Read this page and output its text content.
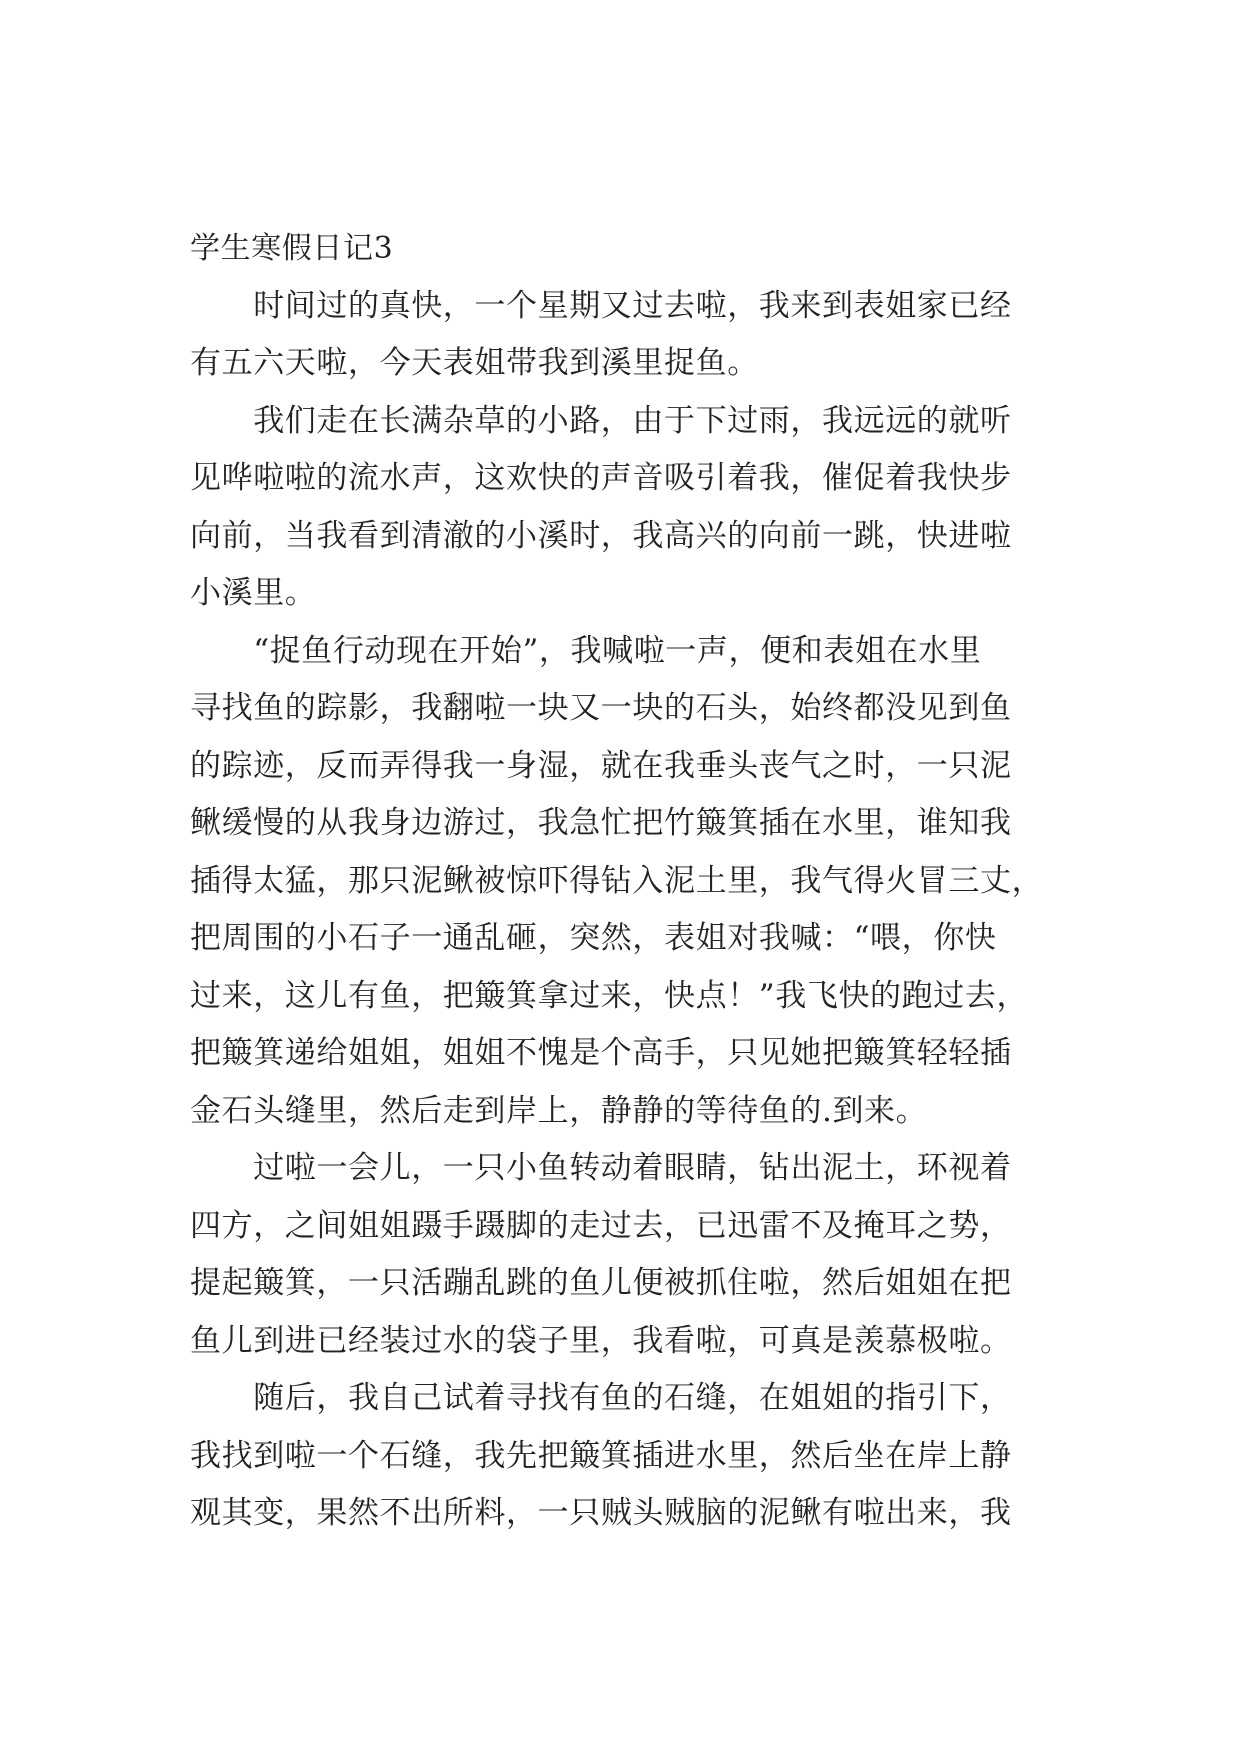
学生寒假日记3

　　时间过的真快，一个星期又过去啦，我来到表姐家已经

有五六天啦，今天表姐带我到溪里捉鱼。

　　我们走在长满杂草的小路，由于下过雨，我远远的就听

见哗啦啦的流水声，这欢快的声音吸引着我，催促着我快步

向前，当我看到清澈的小溪时，我高兴的向前一跳，快进啦

小溪里。

　　“捉鱼行动现在开始”，我喊啦一声，便和表姐在水里

寻找鱼的踪影，我翻啦一块又一块的石头，始终都没见到鱼

的踪迹，反而弄得我一身湿，就在我垂头丧气之时，一只泥

鳅缓慢的从我身边游过，我急忙把竹簸箕插在水里，谁知我

插得太猛，那只泥鳅被惊吓得钻入泥土里，我气得火冒三丈，

把周围的小石子一通乱砸，突然，表姐对我喊：“喂，你快

过来，这儿有鱼，把簸箕拿过来，快点！”我飞快的跑过去，

把簸箕递给姐姐，姐姐不愧是个高手，只见她把簸箕轻轻插

金石头缝里，然后走到岸上，静静的等待鱼的.到来。

　　过啦一会儿，一只小鱼转动着眼睛，钻出泥土，环视着

四方，之间姐姐蹑手蹑脚的走过去，已迅雷不及掩耳之势，

提起簸箕，一只活蹦乱跳的鱼儿便被抓住啦，然后姐姐在把

鱼儿到进已经装过水的袋子里，我看啦，可真是羡慕极啦。

　　随后，我自己试着寻找有鱼的石缝，在姐姐的指引下，

我找到啦一个石缝，我先把簸箕插进水里，然后坐在岸上静

观其变，果然不出所料，一只贼头贼脑的泥鳅有啦出来，我
